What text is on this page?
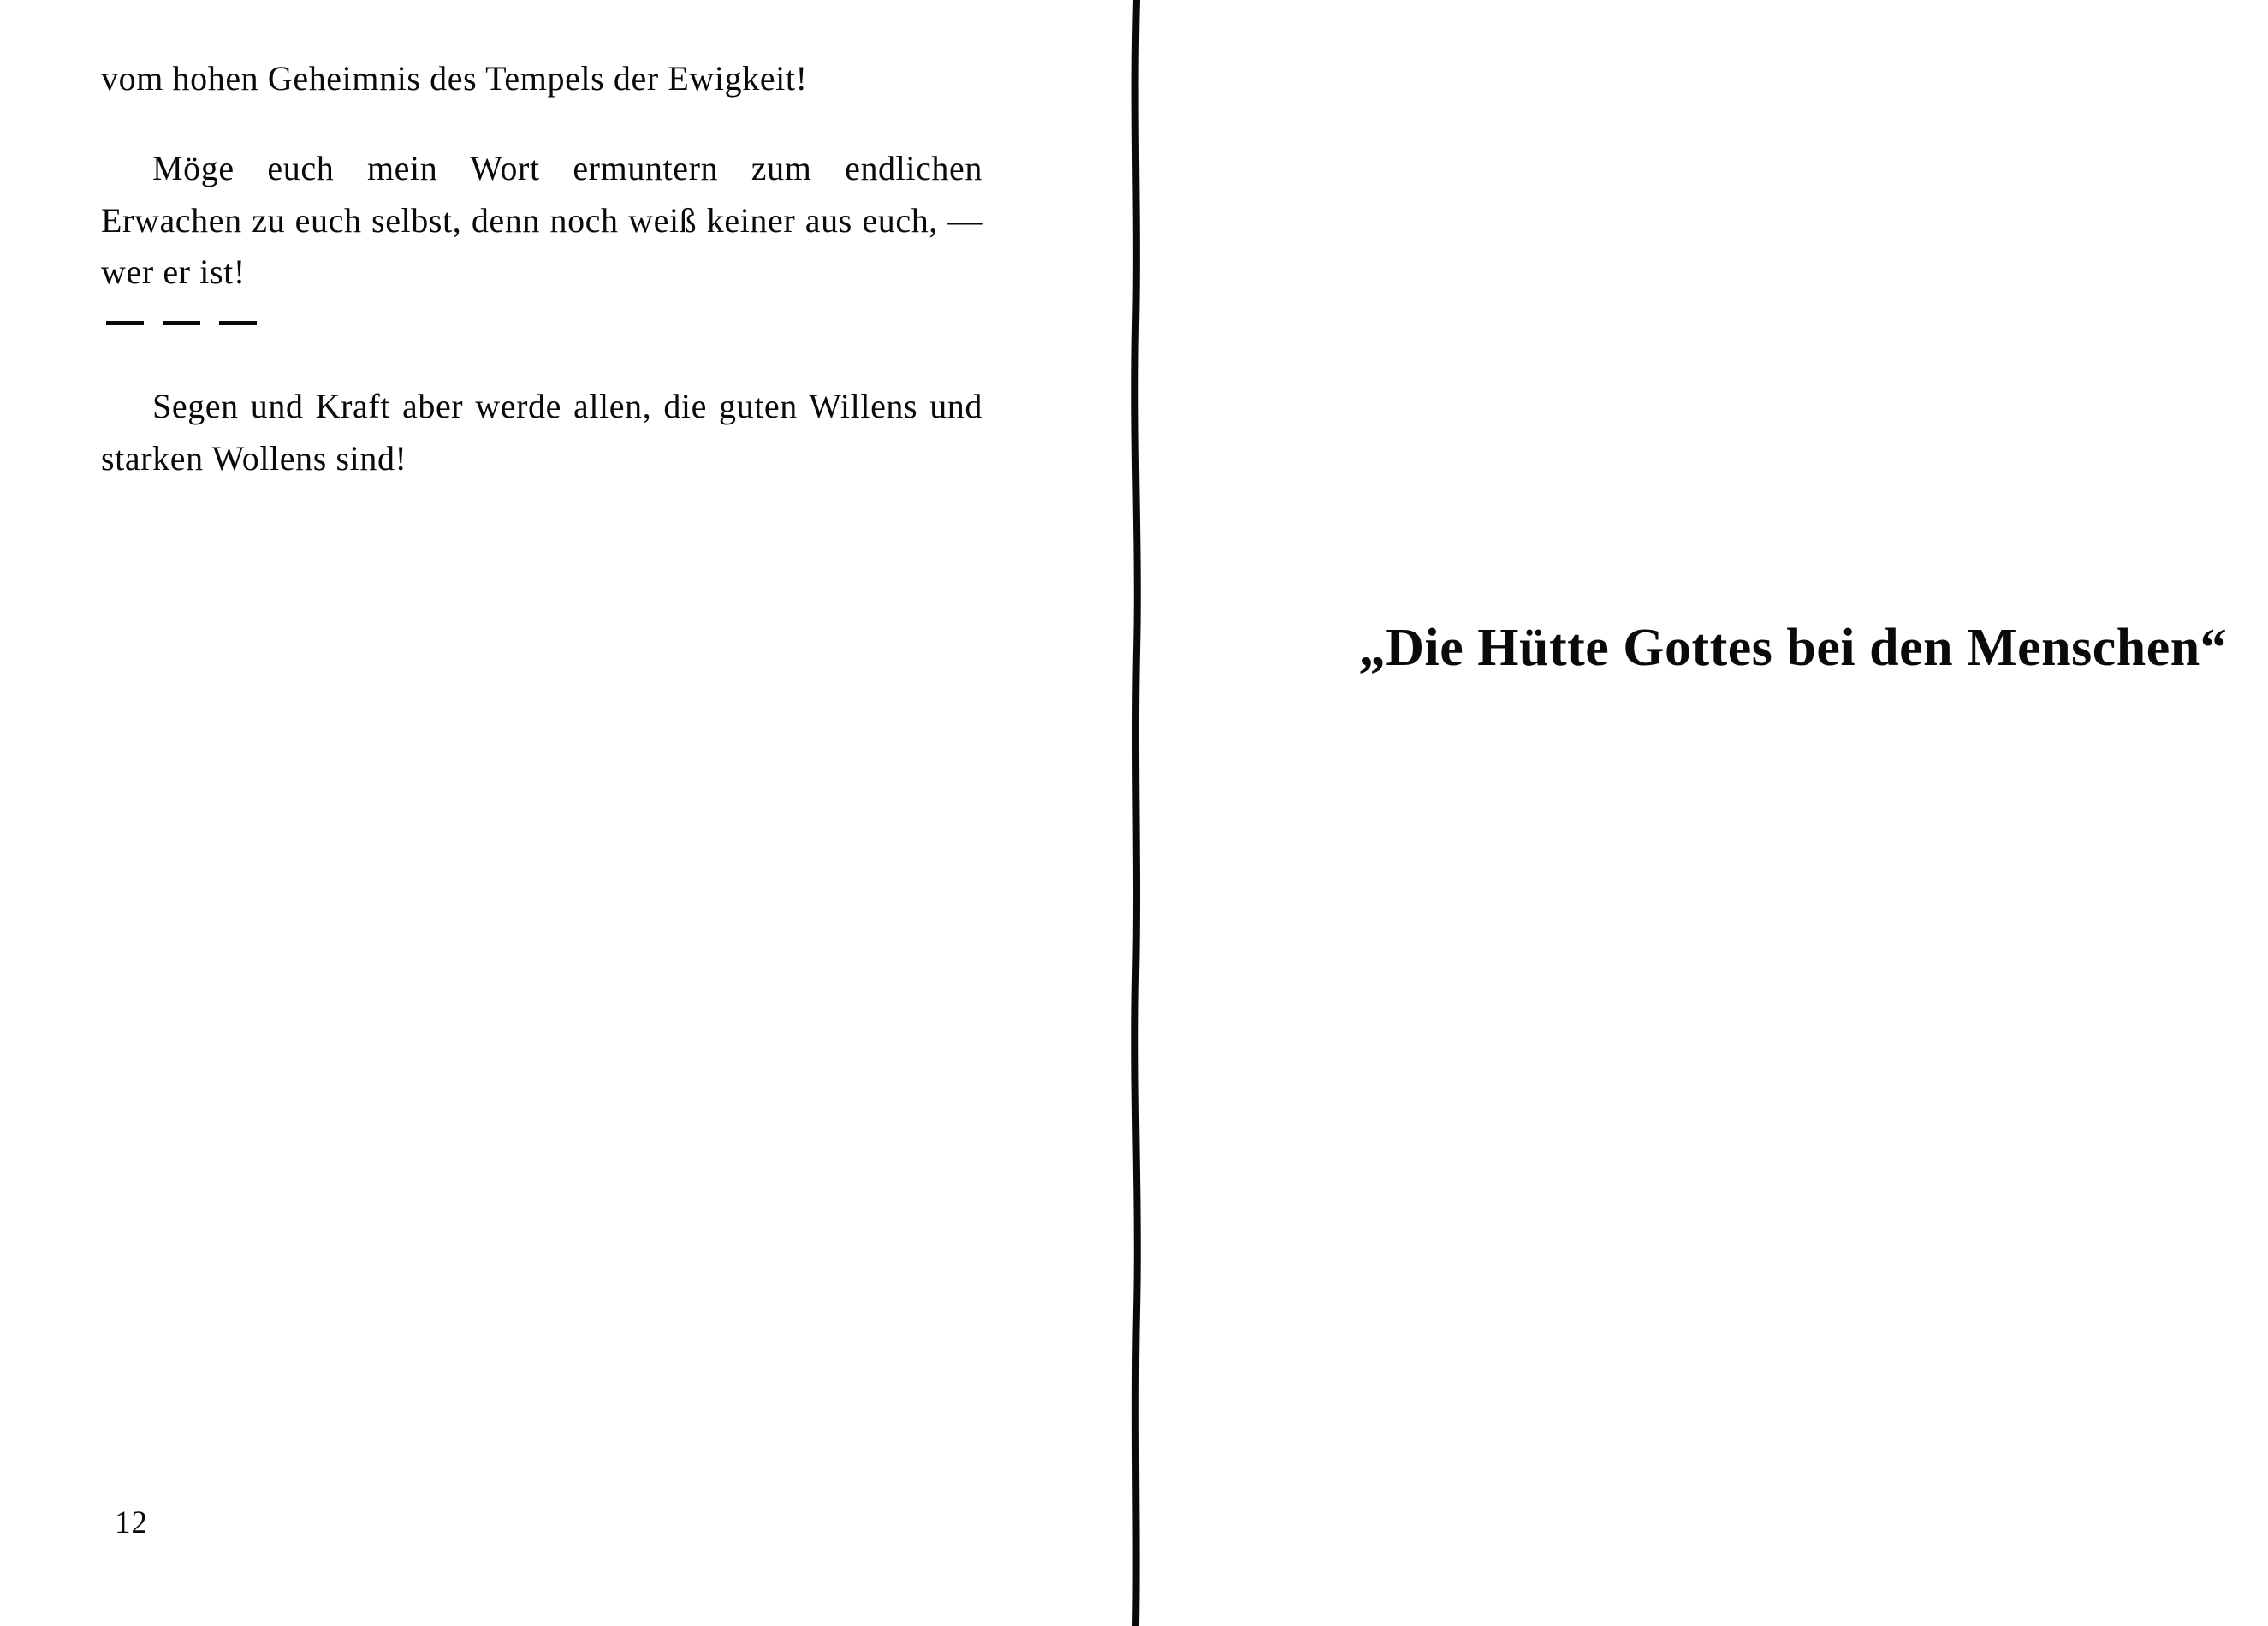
vom hohen Geheimnis des Tempels der Ewigkeit!

Möge euch mein Wort ermuntern zum endlichen Erwachen zu euch selbst, denn noch weiß keiner aus euch, — wer er ist!

Segen und Kraft aber werde allen, die guten Willens und starken Wollens sind!

12
„Die Hütte Gottes bei den Menschen“
